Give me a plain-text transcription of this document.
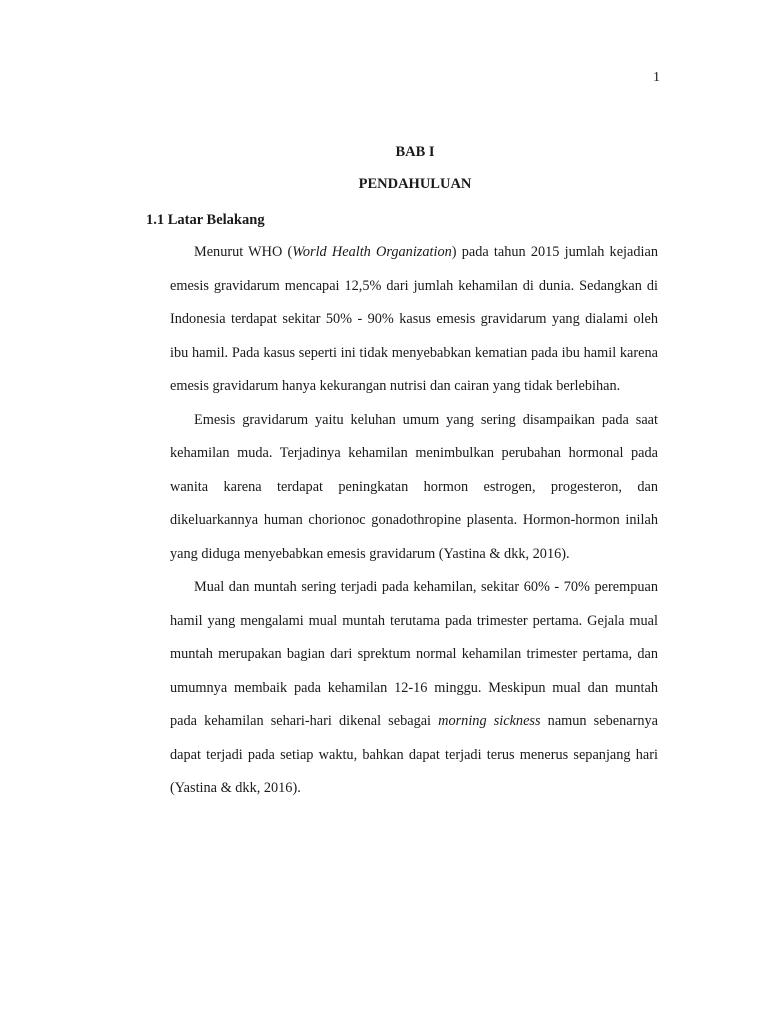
1
BAB I
PENDAHULUAN
1.1 Latar Belakang

Menurut WHO (World Health Organization) pada tahun 2015 jumlah kejadian emesis gravidarum mencapai 12,5% dari jumlah kehamilan di dunia. Sedangkan di Indonesia terdapat sekitar 50% - 90% kasus emesis gravidarum yang dialami oleh ibu hamil. Pada kasus seperti ini tidak menyebabkan kematian pada ibu hamil karena emesis gravidarum hanya kekurangan nutrisi dan cairan yang tidak berlebihan.

Emesis gravidarum yaitu keluhan umum yang sering disampaikan pada saat kehamilan muda. Terjadinya kehamilan menimbulkan perubahan hormonal pada wanita karena terdapat peningkatan hormon estrogen, progesteron, dan dikeluarkannya human chorionoc gonadothropine plasenta. Hormon-hormon inilah yang diduga menyebabkan emesis gravidarum (Yastina & dkk, 2016).

Mual dan muntah sering terjadi pada kehamilan, sekitar 60% - 70% perempuan hamil yang mengalami mual muntah terutama pada trimester pertama. Gejala mual muntah merupakan bagian dari sprektum normal kehamilan trimester pertama, dan umumnya membaik pada kehamilan 12-16 minggu. Meskipun mual dan muntah pada kehamilan sehari-hari dikenal sebagai morning sickness namun sebenarnya dapat terjadi pada setiap waktu, bahkan dapat terjadi terus menerus sepanjang hari (Yastina & dkk, 2016).
